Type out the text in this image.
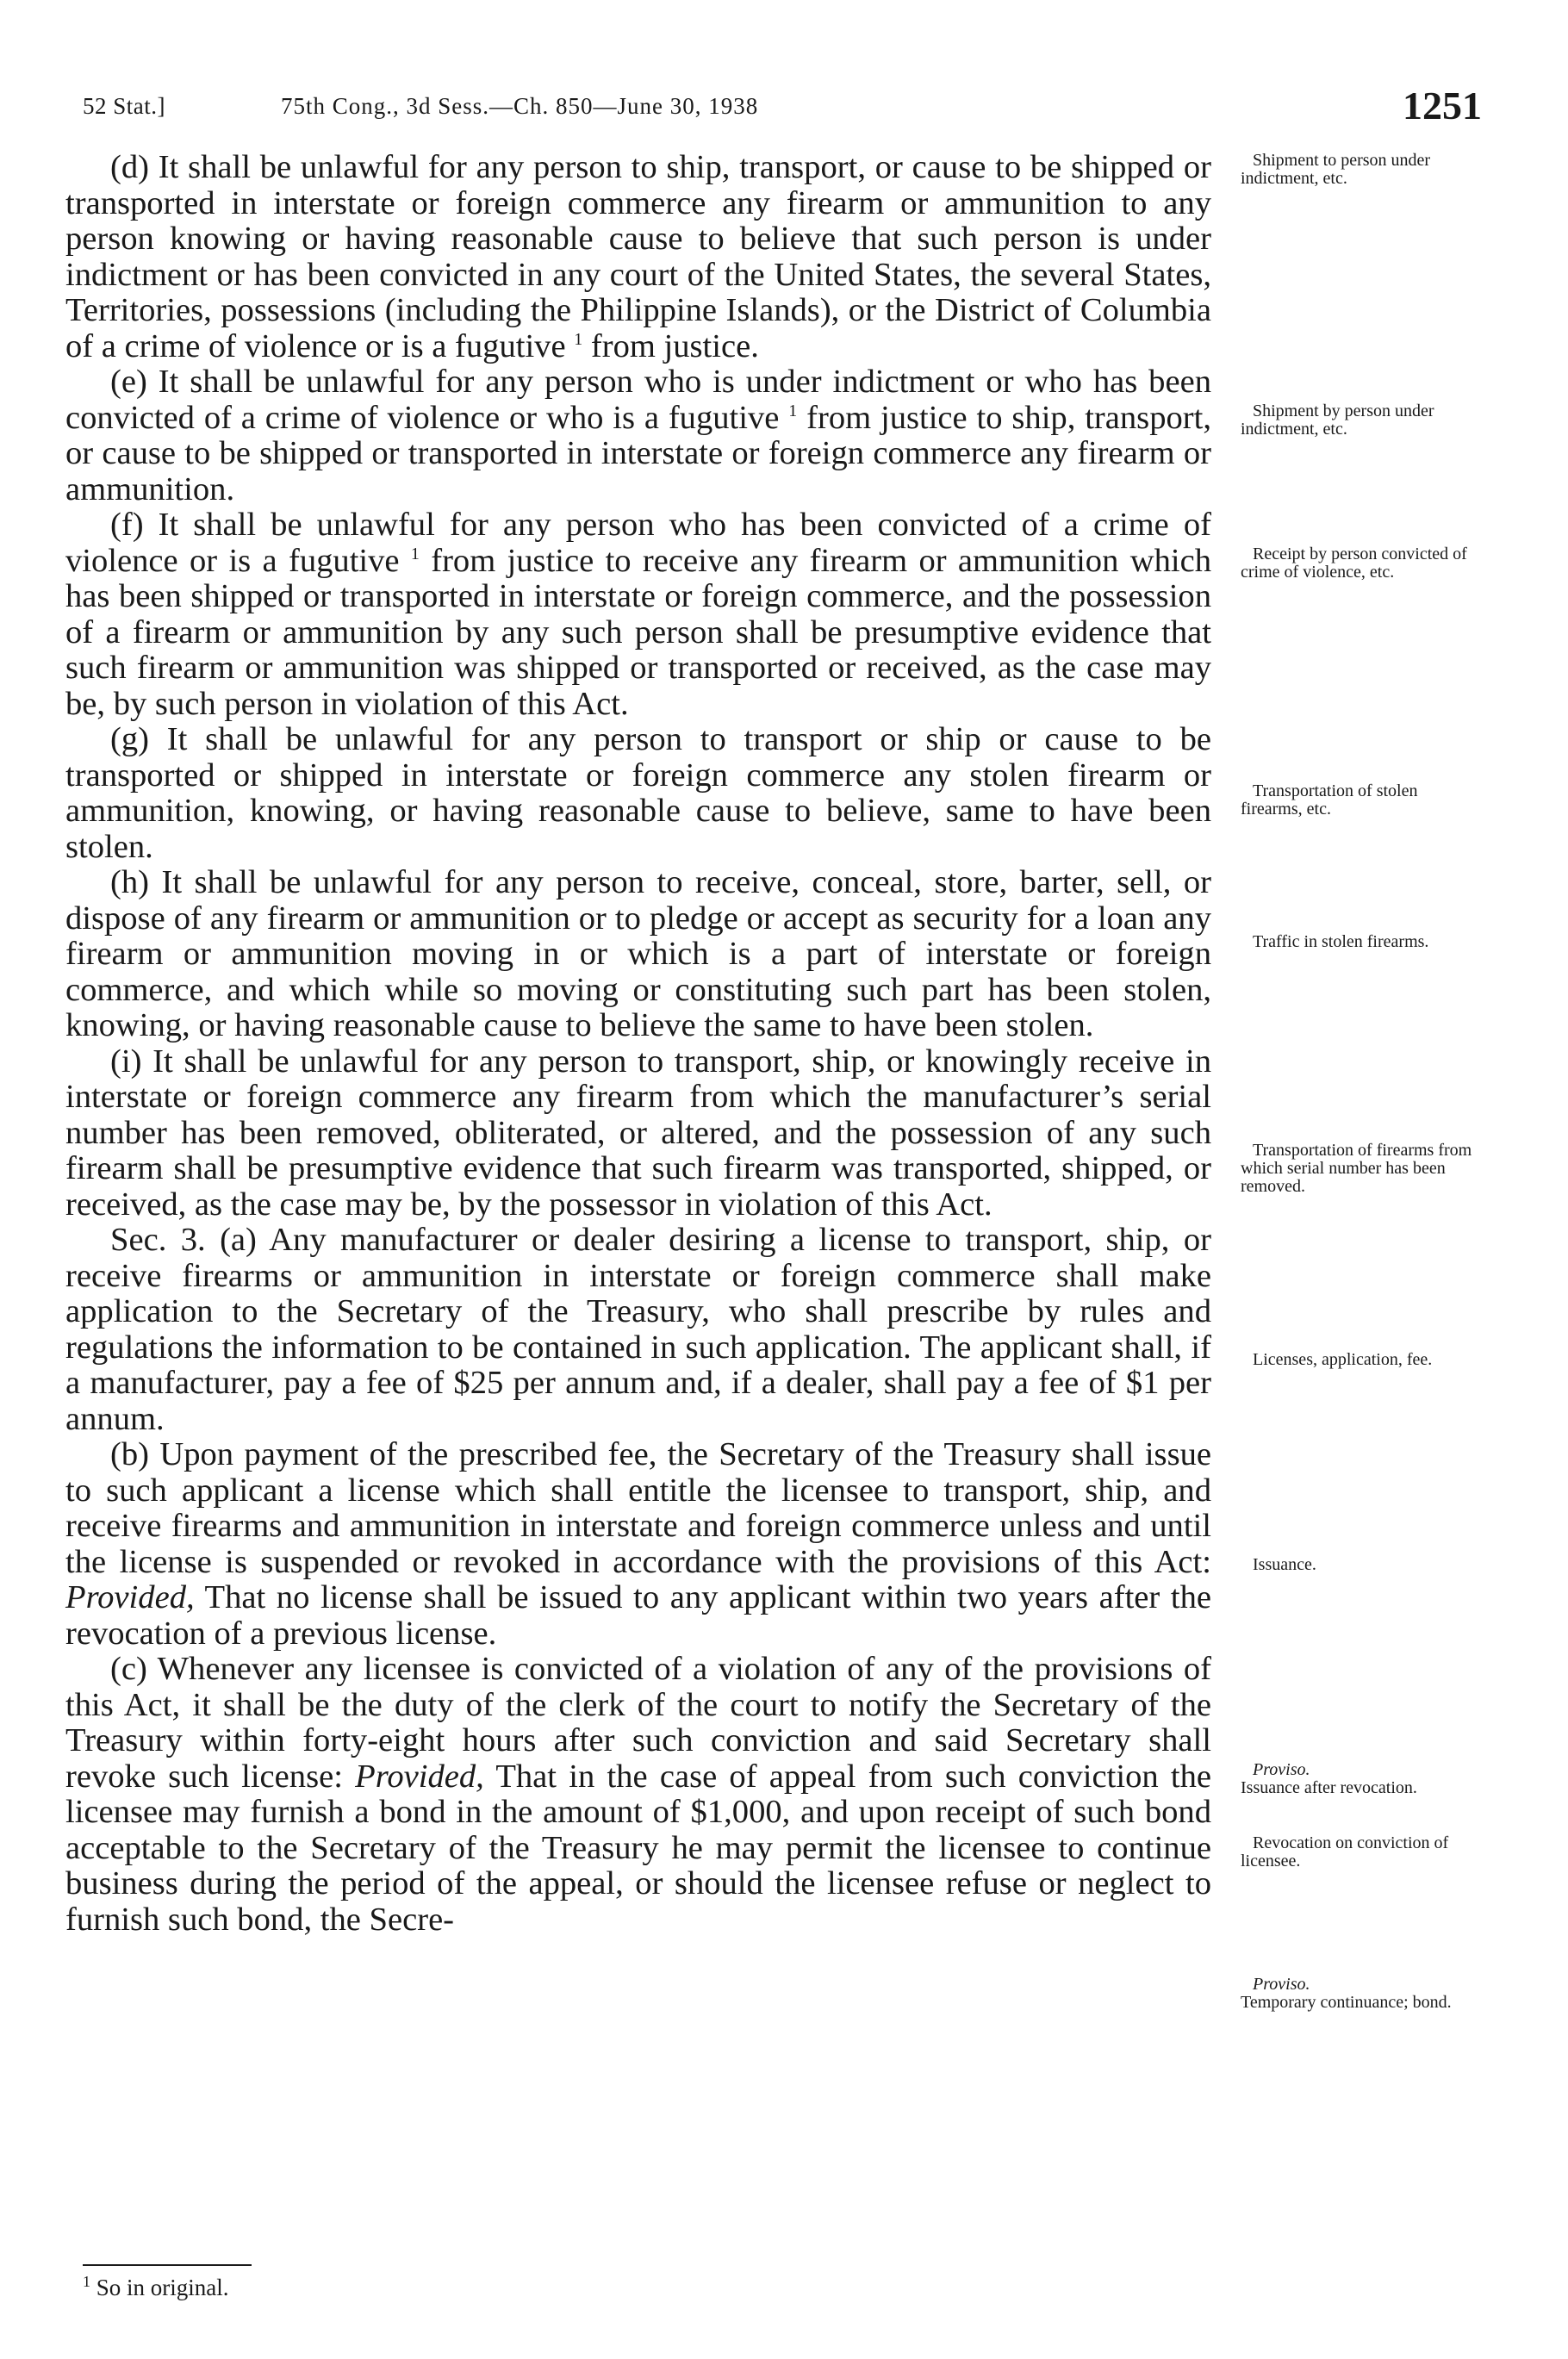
52 Stat.]	75th Cong., 3d Sess.—Ch. 850—June 30, 1938	1251

(d) It shall be unlawful for any person to ship, transport, or cause to be shipped or transported in interstate or foreign commerce any firearm or ammunition to any person knowing or having reasonable cause to believe that such person is under indictment or has been convicted in any court of the United States, the several States, Territories, possessions (including the Philippine Islands), or the District of Columbia of a crime of violence or is a fugutive $^1$ from justice.

(e) It shall be unlawful for any person who is under indictment or who has been convicted of a crime of violence or who is a fugutive $^1$ from justice to ship, transport, or cause to be shipped or transported in interstate or foreign commerce any firearm or ammunition.

(f) It shall be unlawful for any person who has been convicted of a crime of violence or is a fugutive $^1$ from justice to receive any firearm or ammunition which has been shipped or transported in interstate or foreign commerce, and the possession of a firearm or ammunition by any such person shall be presumptive evidence that such firearm or ammunition was shipped or transported or received, as the case may be, by such person in violation of this Act.

(g) It shall be unlawful for any person to transport or ship or cause to be transported or shipped in interstate or foreign commerce any stolen firearm or ammunition, knowing, or having reasonable cause to believe, same to have been stolen.

(h) It shall be unlawful for any person to receive, conceal, store, barter, sell, or dispose of any firearm or ammunition or to pledge or accept as security for a loan any firearm or ammunition moving in or which is a part of interstate or foreign commerce, and which while so moving or constituting such part has been stolen, knowing, or having reasonable cause to believe the same to have been stolen.

(i) It shall be unlawful for any person to transport, ship, or knowingly receive in interstate or foreign commerce any firearm from which the manufacturer’s serial number has been removed, obliterated, or altered, and the possession of any such firearm shall be presumptive evidence that such firearm was transported, shipped, or received, as the case may be, by the possessor in violation of this Act.

Sec. 3. (a) Any manufacturer or dealer desiring a license to transport, ship, or receive firearms or ammunition in interstate or foreign commerce shall make application to the Secretary of the Treasury, who shall prescribe by rules and regulations the information to be contained in such application. The applicant shall, if a manufacturer, pay a fee of $25 per annum and, if a dealer, shall pay a fee of $1 per annum.

(b) Upon payment of the prescribed fee, the Secretary of the Treasury shall issue to such applicant a license which shall entitle the licensee to transport, ship, and receive firearms and ammunition in interstate and foreign commerce unless and until the license is suspended or revoked in accordance with the provisions of this Act: Provided, That no license shall be issued to any applicant within two years after the revocation of a previous license.

(c) Whenever any licensee is convicted of a violation of any of the provisions of this Act, it shall be the duty of the clerk of the court to notify the Secretary of the Treasury within forty-eight hours after such conviction and said Secretary shall revoke such license: Provided, That in the case of appeal from such conviction the licensee may furnish a bond in the amount of $1,000, and upon receipt of such bond acceptable to the Secretary of the Treasury he may permit the licensee to continue business during the period of the appeal, or should the licensee refuse or neglect to furnish such bond, the Secre-

Shipment to person under indictment, etc.
Shipment by person under indictment, etc.
Receipt by person convicted of crime of violence, etc.
Transportation of stolen firearms, etc.
Traffic in stolen firearms.
Transportation of firearms from which serial number has been removed.
Licenses, application, fee.
Issuance.
Proviso.
Issuance after revocation.
Revocation on conviction of licensee.
Proviso.
Temporary continuance; bond.
$^1$ So in original.
